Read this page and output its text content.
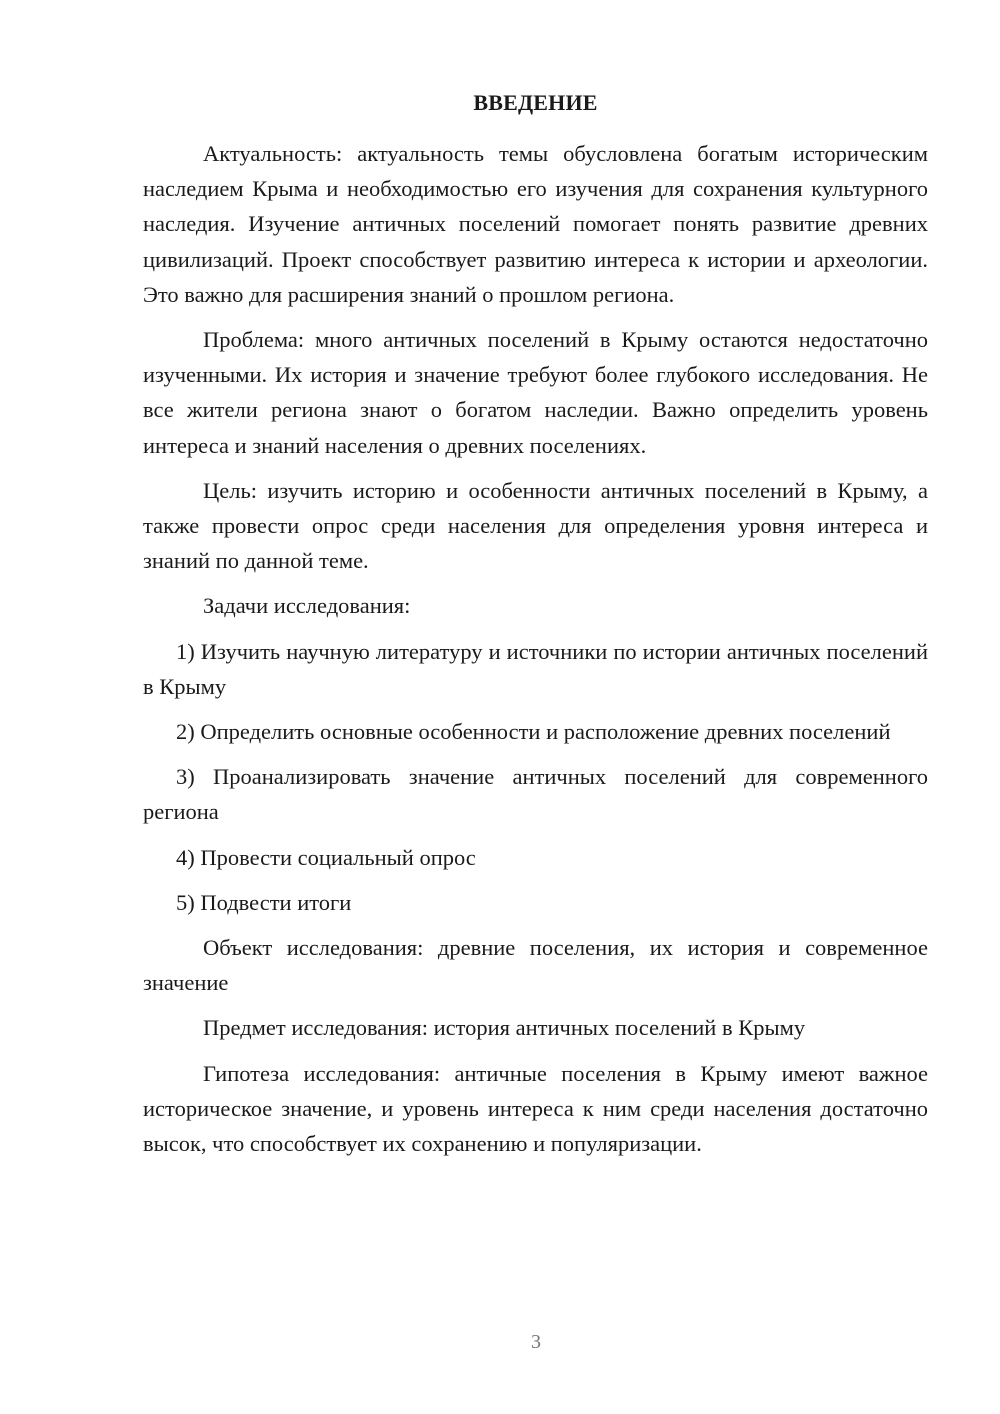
ВВЕДЕНИЕ

Актуальность: актуальность темы обусловлена богатым историческим наследием Крыма и необходимостью его изучения для сохранения культурного наследия. Изучение античных поселений помогает понять развитие древних цивилизаций. Проект способствует развитию интереса к истории и археологии. Это важно для расширения знаний о прошлом региона.

Проблема: много античных поселений в Крыму остаются недостаточно изученными. Их история и значение требуют более глубокого исследования. Не все жители региона знают о богатом наследии. Важно определить уровень интереса и знаний населения о древних поселениях.

Цель: изучить историю и особенности античных поселений в Крыму, а также провести опрос среди населения для определения уровня интереса и знаний по данной теме.

Задачи исследования:

1) Изучить научную литературу и источники по истории античных поселений в Крыму

2) Определить основные особенности и расположение древних поселений

3) Проанализировать значение античных поселений для современного региона

4) Провести социальный опрос

5) Подвести итоги

Объект исследования: древние поселения, их история и современное значение

Предмет исследования: история античных поселений в Крыму

Гипотеза исследования: античные поселения в Крыму имеют важное историческое значение, и уровень интереса к ним среди населения достаточно высок, что способствует их сохранению и популяризации.

3
